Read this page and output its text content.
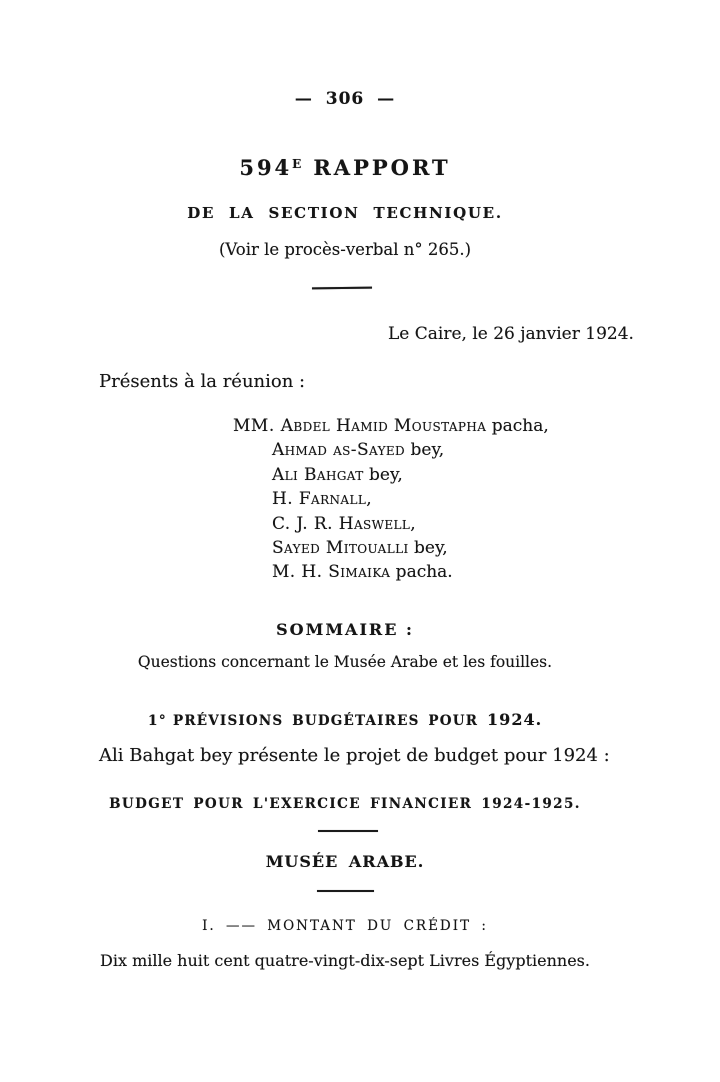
— 306 —
$594^E$ RAPPORT
DE LA SECTION TECHNIQUE.
(Voir le procès-verbal n° 265.)
Le Caire, le 26 janvier 1924.
Présents à la réunion :
MM. Abdel Hamid Moustapha pacha,
Ahmad as-Sayed bey,
Ali Bahgat bey,
H. Farnall,
C. J. R. Haswell,
Sayed Mitoualli bey,
M. H. Simaika pacha.
SOMMAIRE :
Questions concernant le Musée Arabe et les fouilles.
1° PRÉVISIONS BUDGÉTAIRES POUR 1924.
Ali Bahgat bey présente le projet de budget pour 1924 :
BUDGET POUR L'EXERCICE FINANCIER 1924-1925.
MUSÉE ARABE.
I. —— MONTANT DU CRÉDIT :
Dix mille huit cent quatre-vingt-dix-sept Livres Égyptiennes.
